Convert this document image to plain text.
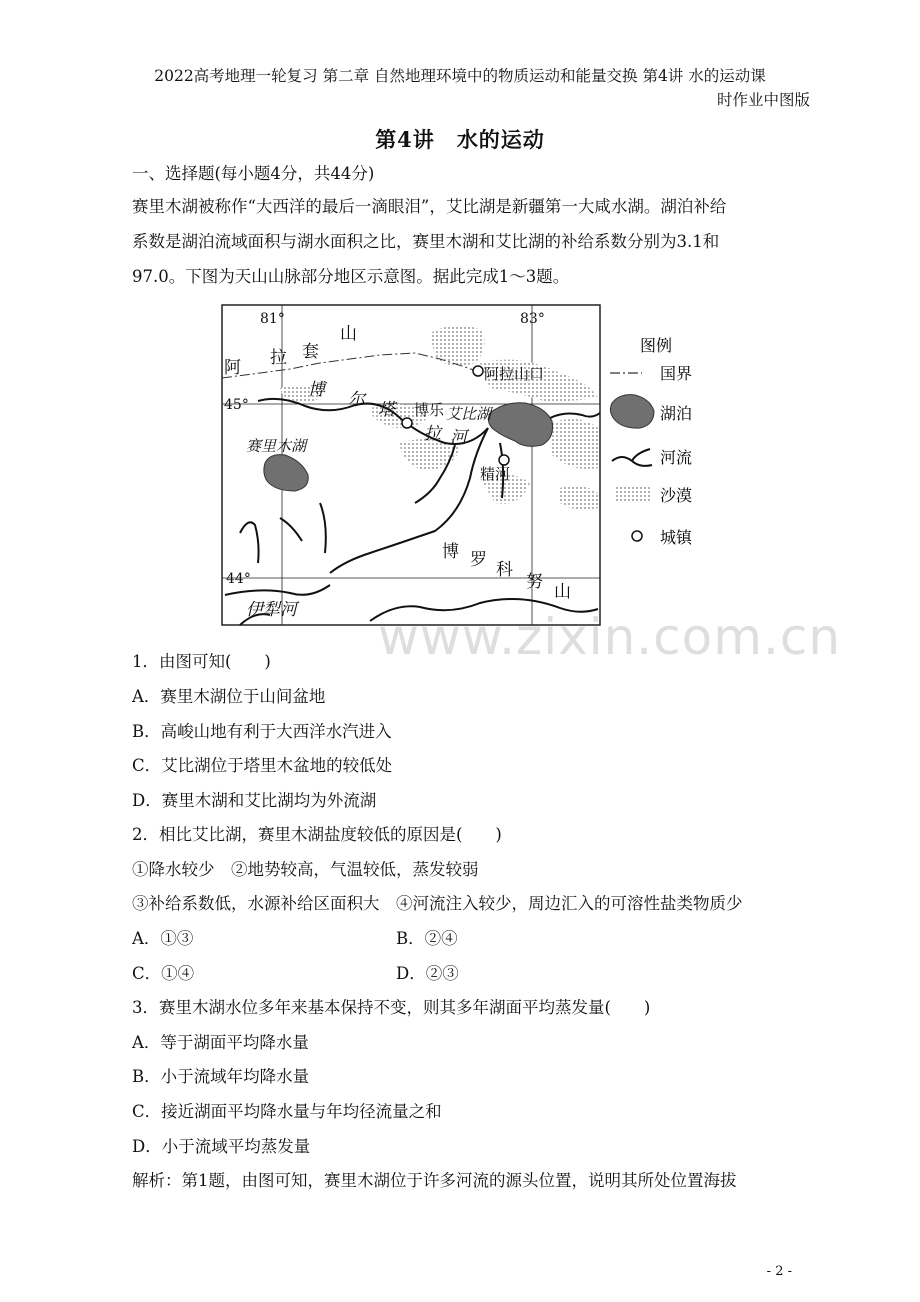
2022高考地理一轮复习 第二章 自然地理环境中的物质运动和能量交换 第4讲 水的运动课
时作业中图版
第4讲 水的运动
一、选择题(每小题4分，共44分)
赛里木湖被称作“大西洋的最后一滴眼泪”，艾比湖是新疆第一大咸水湖。湖泊补给
系数是湖泊流域面积与湖水面积之比，赛里木湖和艾比湖的补给系数分别为3.1和
97.0。下图为天山山脉部分地区示意图。据此完成1～3题。
81°	83°
45°
44°
山
拉 套
阿	阿拉山口
博 尔 塔 博乐 艾比湖
拉 河
赛里木湖
精河
博 罗 科
努 山
伊犁河
图例
国界
湖泊
河流
沙漠
城镇
www.zixin.com.cn
1．由图可知(　　)
A．赛里木湖位于山间盆地
B．高峻山地有利于大西洋水汽进入
C．艾比湖位于塔里木盆地的较低处
D．赛里木湖和艾比湖均为外流湖
2．相比艾比湖，赛里木湖盐度较低的原因是(　　)
①降水较少　②地势较高，气温较低，蒸发较弱
③补给系数低，水源补给区面积大　④河流注入较少，周边汇入的可溶性盐类物质少
A．①③	B．②④
C．①④	D．②③
3．赛里木湖水位多年来基本保持不变，则其多年湖面平均蒸发量(　　)
A．等于湖面平均降水量
B．小于流域年均降水量
C．接近湖面平均降水量与年均径流量之和
D．小于流域平均蒸发量
解析：第1题，由图可知，赛里木湖位于许多河流的源头位置，说明其所处位置海拔
- 2 -
